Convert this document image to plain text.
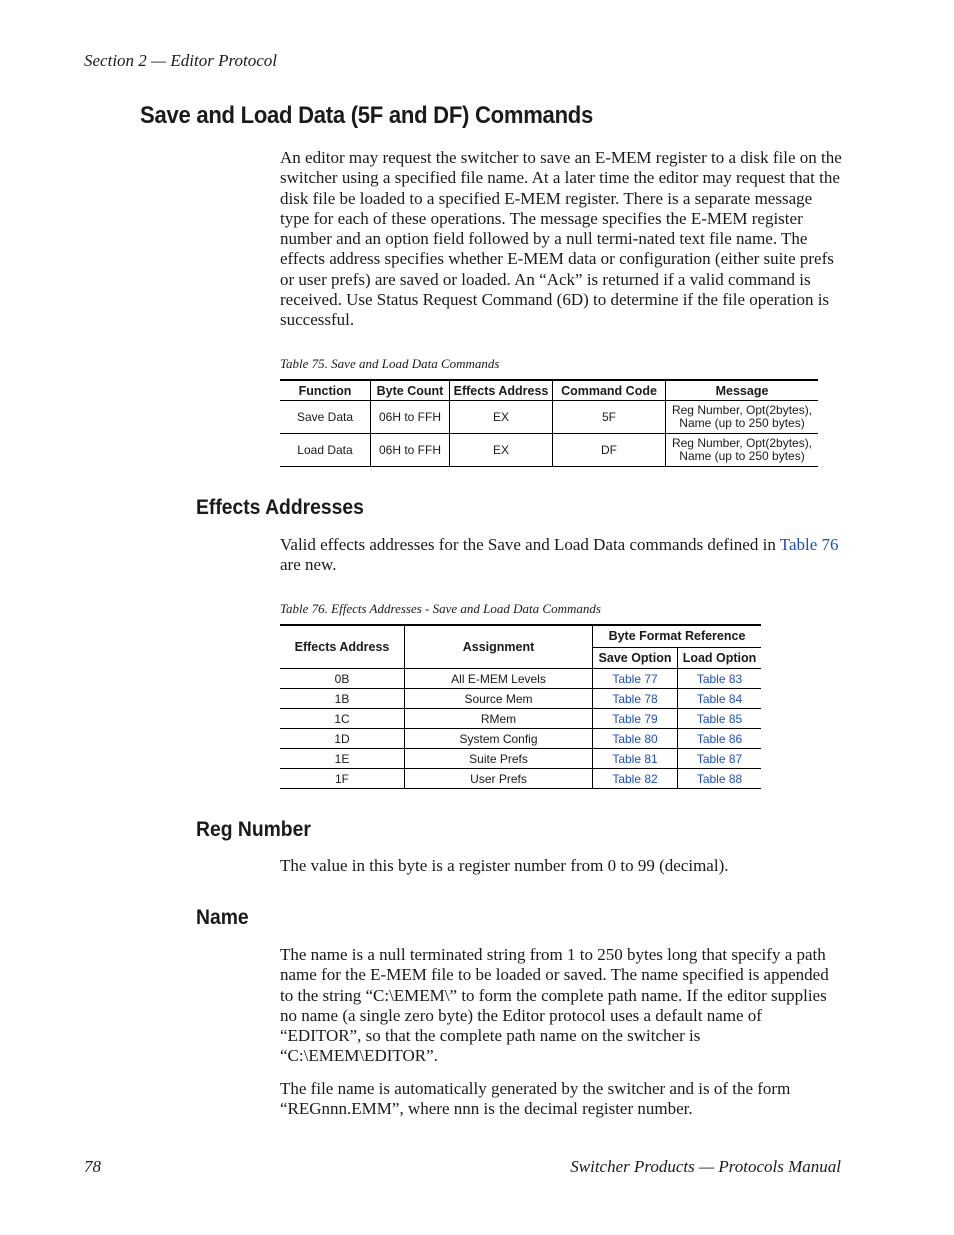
Section 2 — Editor Protocol
Save and Load Data (5F and DF) Commands

An editor may request the switcher to save an E-MEM register to a disk file on the switcher using a specified file name. At a later time the editor may request that the disk file be loaded to a specified E-MEM register. There is a separate message type for each of these operations. The message specifies the E-MEM register number and an option field followed by a null termi-nated text file name. The effects address specifies whether E-MEM data or configuration (either suite prefs or user prefs) are saved or loaded. An “Ack” is returned if a valid command is received. Use Status Request Command (6D) to determine if the file operation is successful.

Table 75. Save and Load Data Commands
Function	Byte Count	Effects Address	Command Code	Message
Save Data	06H to FFH	EX	5F	Reg Number, Opt(2bytes),
Name (up to 250 bytes)
Load Data	06H to FFH	EX	DF	Reg Number, Opt(2bytes),
Name (up to 250 bytes)
Effects Addresses

Valid effects addresses for the Save and Load Data commands defined in Table 76 are new.

Table 76. Effects Addresses - Save and Load Data Commands
Effects Address	Assignment	Byte Format Reference	
		Save Option	Load Option
0B	All E-MEM Levels	Table 77	Table 83
1B	Source Mem	Table 78	Table 84
1C	RMem	Table 79	Table 85
1D	System Config	Table 80	Table 86
1E	Suite Prefs	Table 81	Table 87
1F	User Prefs	Table 82	Table 88
Reg Number

The value in this byte is a register number from 0 to 99 (decimal).

Name

The name is a null terminated string from 1 to 250 bytes long that specify a path name for the E-MEM file to be loaded or saved. The name specified is appended to the string “C:\EMEM\” to form the complete path name. If the editor supplies no name (a single zero byte) the Editor protocol uses a default name of “EDITOR”, so that the complete path name on the switcher is “C:\EMEM\EDITOR”.

The file name is automatically generated by the switcher and is of the form “REGnnn.EMM”, where nnn is the decimal register number.

78	Switcher Products — Protocols Manual
